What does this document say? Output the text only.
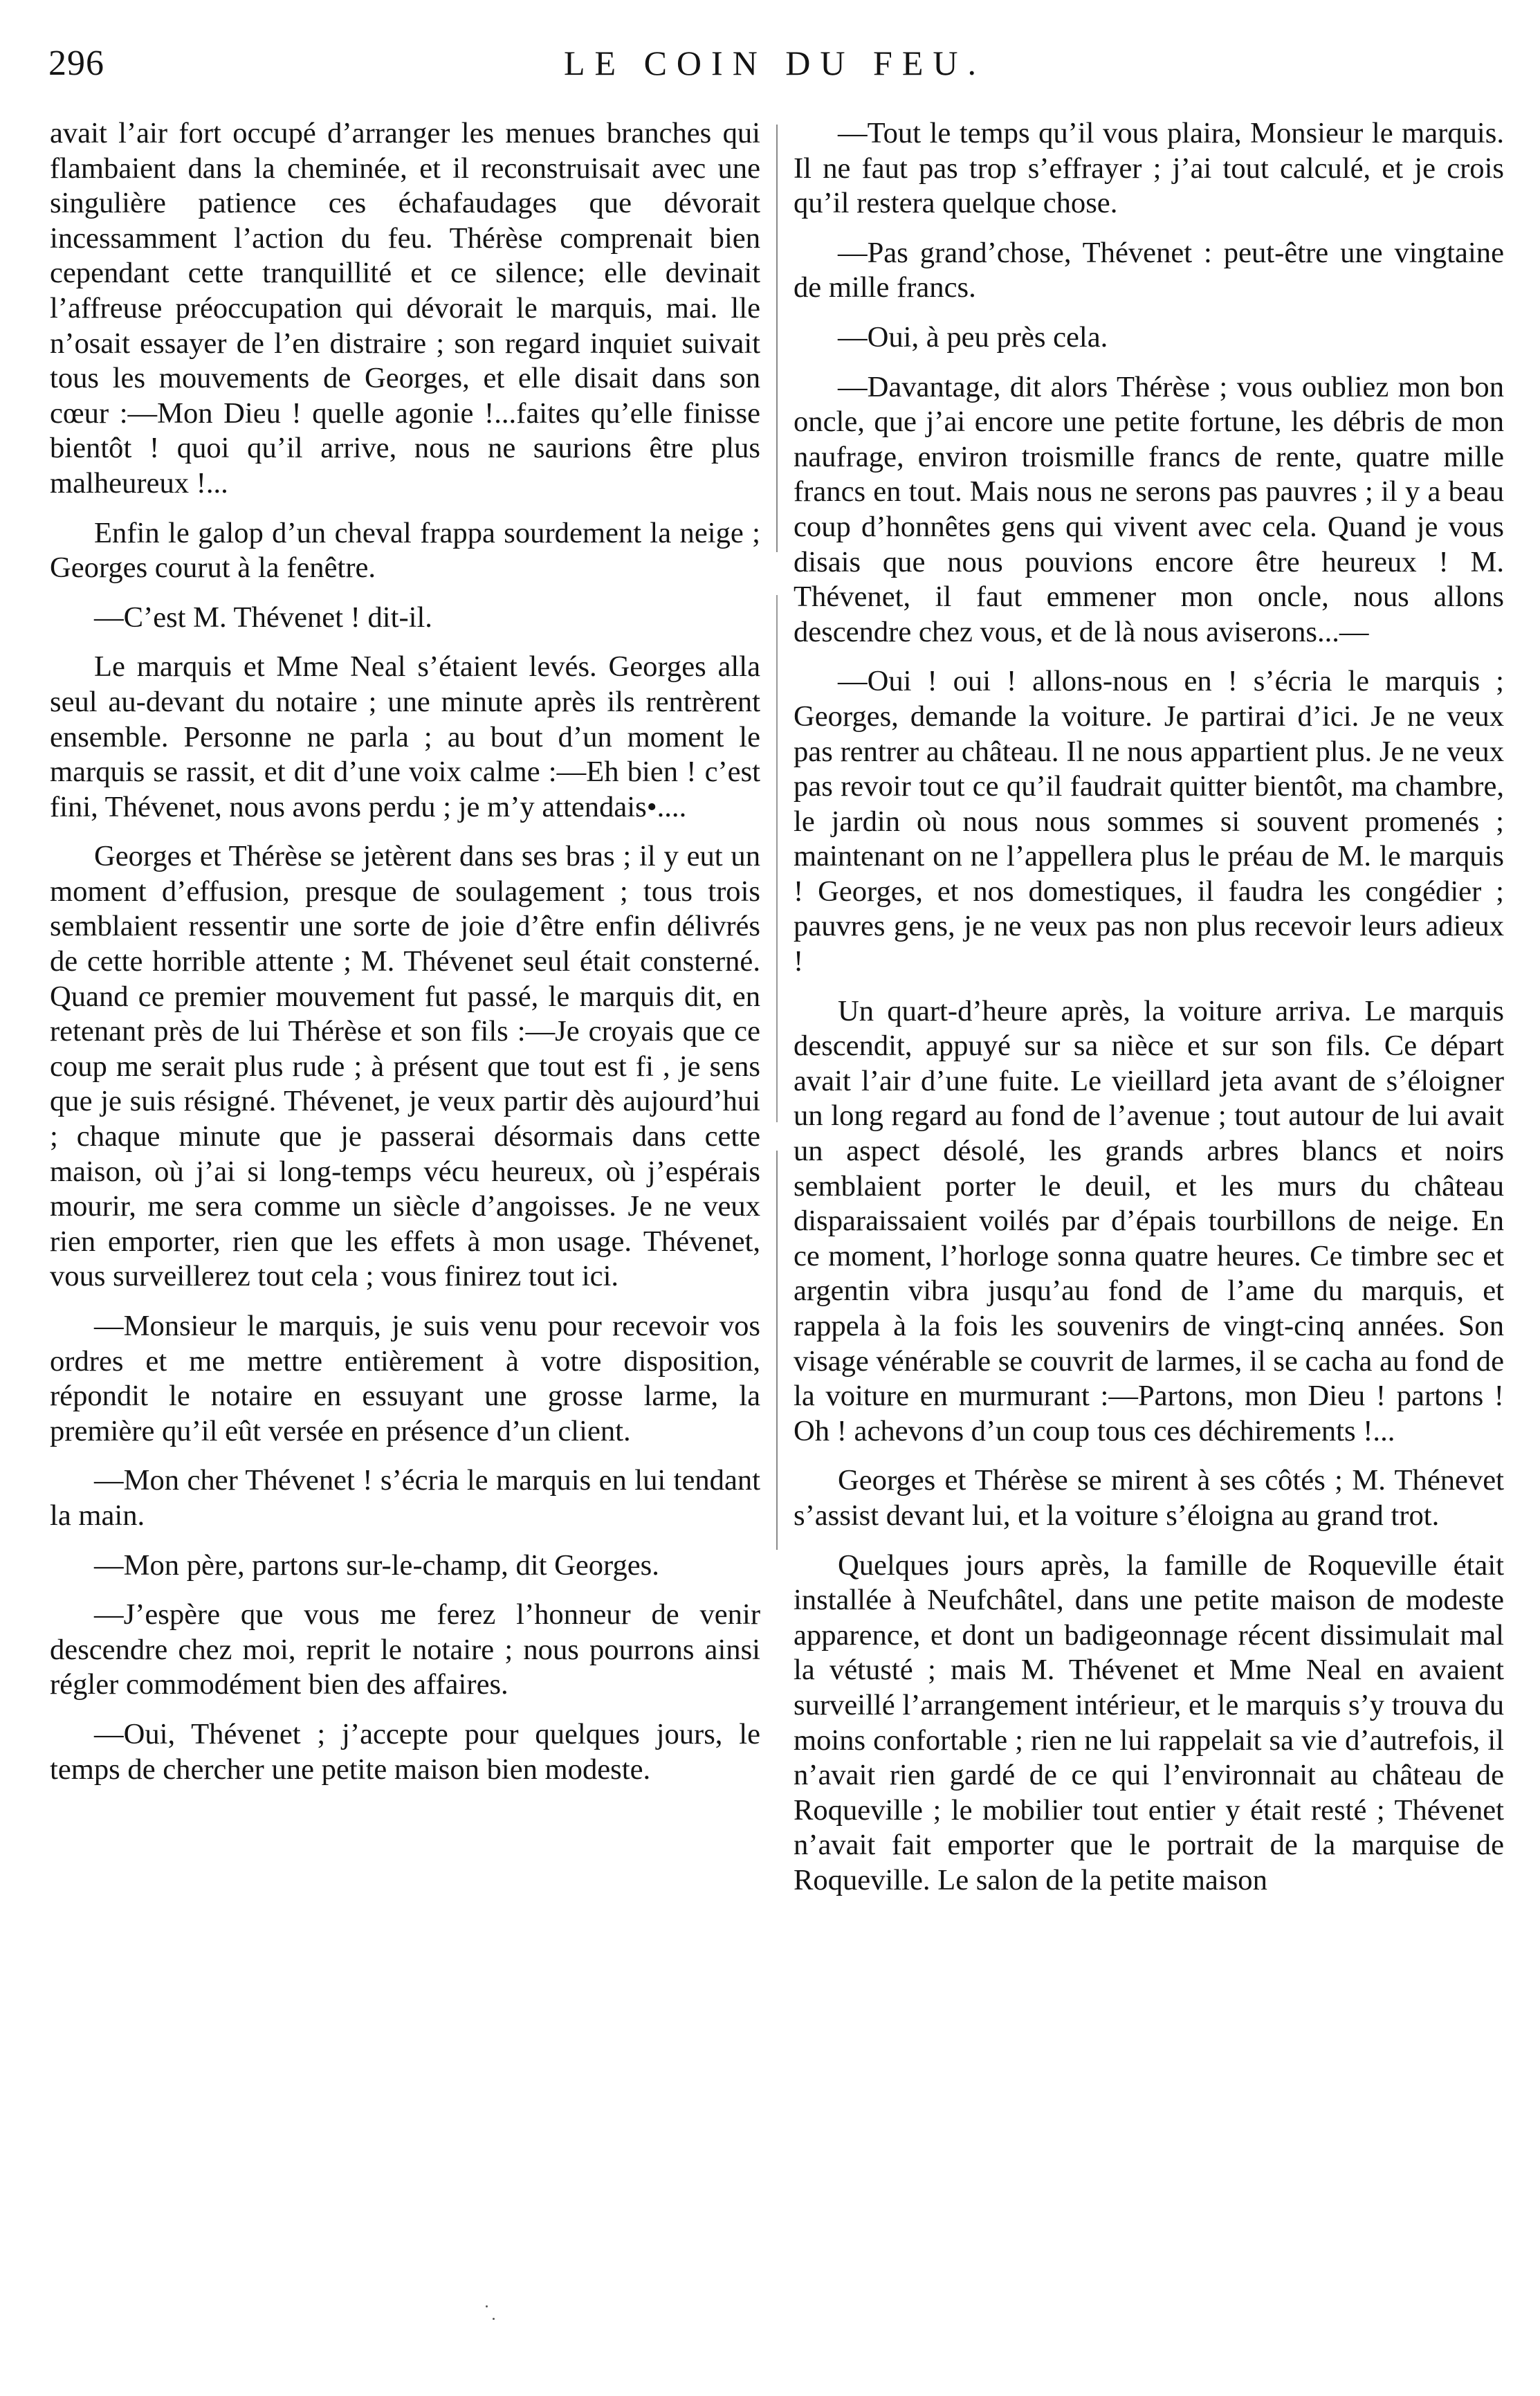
296	LE COIN DU FEU.

avait l’air fort occupé d’arranger les menues branches qui flambaient dans la cheminée, et il reconstruisait avec une singulière patience ces échafaudages que dévorait incessamment l’action du feu. Thérèse comprenait bien cependant cette tranquillité et ce silence; elle devinait l’affreuse préoccupation qui dévorait le marquis, mai. lle n’osait essayer de l’en distraire ; son regard inquiet suivait tous les mouvements de Georges, et elle disait dans son cœur :—Mon Dieu ! quelle agonie !...faites qu’elle finisse bientôt ! quoi qu’il arrive, nous ne saurions être plus malheureux !...

Enfin le galop d’un cheval frappa sourdement la neige ; Georges courut à la fenêtre.

—C’est M. Thévenet ! dit-il.

Le marquis et Mme Neal s’étaient levés. Georges alla seul au-devant du notaire ; une minute après ils rentrèrent ensemble. Personne ne parla ; au bout d’un moment le marquis se rassit, et dit d’une voix calme :—Eh bien ! c’est fini, Thévenet, nous avons perdu ; je m’y attendais•....

Georges et Thérèse se jetèrent dans ses bras ; il y eut un moment d’effusion, presque de soulagement ; tous trois semblaient ressentir une sorte de joie d’être enfin délivrés de cette horrible attente ; M. Thévenet seul était consterné. Quand ce premier mouvement fut passé, le marquis dit, en retenant près de lui Thérèse et son fils :—Je croyais que ce coup me serait plus rude ; à présent que tout est fi , je sens que je suis résigné. Thévenet, je veux partir dès aujourd’hui ; chaque minute que je passerai désormais dans cette maison, où j’ai si long-temps vécu heureux, où j’espérais mourir, me sera comme un siècle d’angoisses. Je ne veux rien emporter, rien que les effets à mon usage. Thévenet, vous surveillerez tout cela ; vous finirez tout ici.

—Monsieur le marquis, je suis venu pour recevoir vos ordres et me mettre entièrement à votre disposition, répondit le notaire en essuyant une grosse larme, la première qu’il eût versée en présence d’un client.

—Mon cher Thévenet ! s’écria le marquis en lui tendant la main.

—Mon père, partons sur-le-champ, dit Georges.

—J’espère que vous me ferez l’honneur de venir descendre chez moi, reprit le notaire ; nous pourrons ainsi régler commodément bien des affaires.

—Oui, Thévenet ; j’accepte pour quelques jours, le temps de chercher une petite maison bien modeste.

—Tout le temps qu’il vous plaira, Monsieur le marquis. Il ne faut pas trop s’effrayer ; j’ai tout calculé, et je crois qu’il restera quelque chose.

—Pas grand’chose, Thévenet : peut-être une vingtaine de mille francs.

—Oui, à peu près cela.

—Davantage, dit alors Thérèse ; vous oubliez mon bon oncle, que j’ai encore une petite fortune, les débris de mon naufrage, environ troismille francs de rente, quatre mille francs en tout. Mais nous ne serons pas pauvres ; il y a beau coup d’honnêtes gens qui vivent avec cela. Quand je vous disais que nous pouvions encore être heureux ! M. Thévenet, il faut emmener mon oncle, nous allons descendre chez vous, et de là nous aviserons...—

—Oui ! oui ! allons-nous en ! s’écria le marquis ; Georges, demande la voiture. Je partirai d’ici. Je ne veux pas rentrer au château. Il ne nous appartient plus. Je ne veux pas revoir tout ce qu’il faudrait quitter bientôt, ma chambre, le jardin où nous nous sommes si souvent promenés ; maintenant on ne l’appellera plus le préau de M. le marquis ! Georges, et nos domestiques, il faudra les congédier ; pauvres gens, je ne veux pas non plus recevoir leurs adieux !

Un quart-d’heure après, la voiture arriva. Le marquis descendit, appuyé sur sa nièce et sur son fils. Ce départ avait l’air d’une fuite. Le vieillard jeta avant de s’éloigner un long regard au fond de l’avenue ; tout autour de lui avait un aspect désolé, les grands arbres blancs et noirs semblaient porter le deuil, et les murs du château disparaissaient voilés par d’épais tourbillons de neige. En ce moment, l’horloge sonna quatre heures. Ce timbre sec et argentin vibra jusqu’au fond de l’ame du marquis, et rappela à la fois les souvenirs de vingt-cinq années. Son visage vénérable se couvrit de larmes, il se cacha au fond de la voiture en murmurant :—Partons, mon Dieu ! partons ! Oh ! achevons d’un coup tous ces déchirements !...

Georges et Thérèse se mirent à ses côtés ; M. Thénevet s’assist devant lui, et la voiture s’éloigna au grand trot.

Quelques jours après, la famille de Roqueville était installée à Neufchâtel, dans une petite maison de modeste apparence, et dont un badigeonnage récent dissimulait mal la vétusté ; mais M. Thévenet et Mme Neal en avaient surveillé l’arrangement intérieur, et le marquis s’y trouva du moins confortable ; rien ne lui rappelait sa vie d’autrefois, il n’avait rien gardé de ce qui l’environnait au château de Roqueville ; le mobilier tout entier y était resté ; Thévenet n’avait fait emporter que le portrait de la marquise de Roqueville. Le salon de la petite maison
